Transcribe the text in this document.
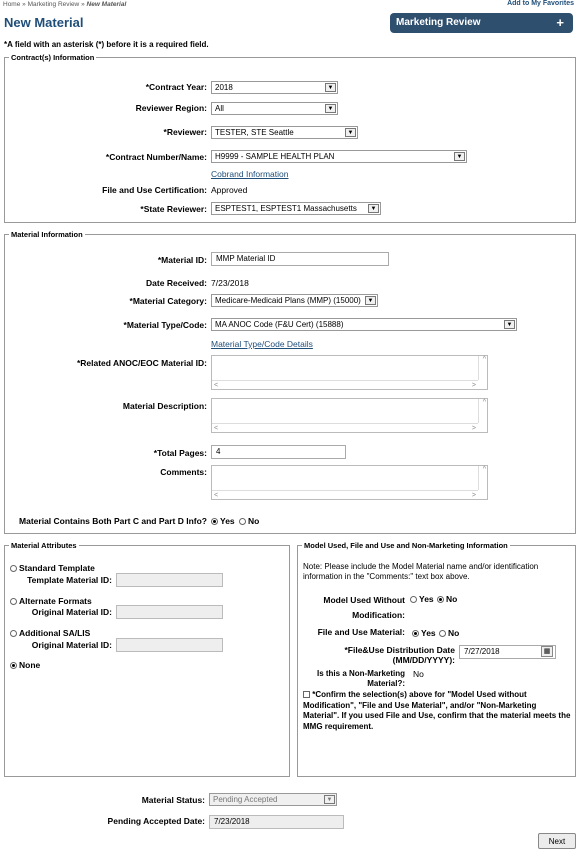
Home » Marketing Review » New Material	Add to My Favorites
New Material	Marketing Review	+
*A field with an asterisk (*) before it is a required field.
Contract(s) Information
*Contract Year:	2018	▼
Reviewer Region:	All	▼
*Reviewer:	TESTER, STE Seattle	▼
*Contract Number/Name:	H9999 - SAMPLE HEALTH PLAN	▼
Cobrand Information
File and Use Certification: Approved
*State Reviewer:	ESPTEST1, ESPTEST1 Massachusetts	▼
Material Information
*Material ID:	MMP Material ID
Date Received: 7/23/2018
*Material Category:	Medicare-Medicaid Plans (MMP) (15000)	▼
*Material Type/Code:	MA ANOC Code (F&U Cert) (15888)	▼
Material Type/Code Details
*Related ANOC/EOC Material ID:	^
<	>
Material Description:	^
<	>
*Total Pages:	4
Comments:	^
<	>
Material Contains Both Part C and Part D Info?	Yes No
Material Attributes
Standard Template
Template Material ID:
Alternate Formats
Original Material ID:
Additional SA/LIS
Original Material ID:
None
Model Used, File and Use and Non-Marketing Information
Note: Please include the Model Material name and/or identification information in the "Comments:" text box above.
Model Used Without
Modification:
Yes No
File and Use Material:	Yes No
*File&Use Distribution Date
(MM/DD/YYYY):
7/27/2018	▦
Is this a Non-Marketing
Material?:
No
*Confirm the selection(s) above for "Model Used without Modification", "File and Use Material", and/or "Non-Marketing Material". If you used File and Use, confirm that the material meets the MMG requirement.
Material Status:	Pending Accepted	▼
Pending Accepted Date:	7/23/2018
Next
